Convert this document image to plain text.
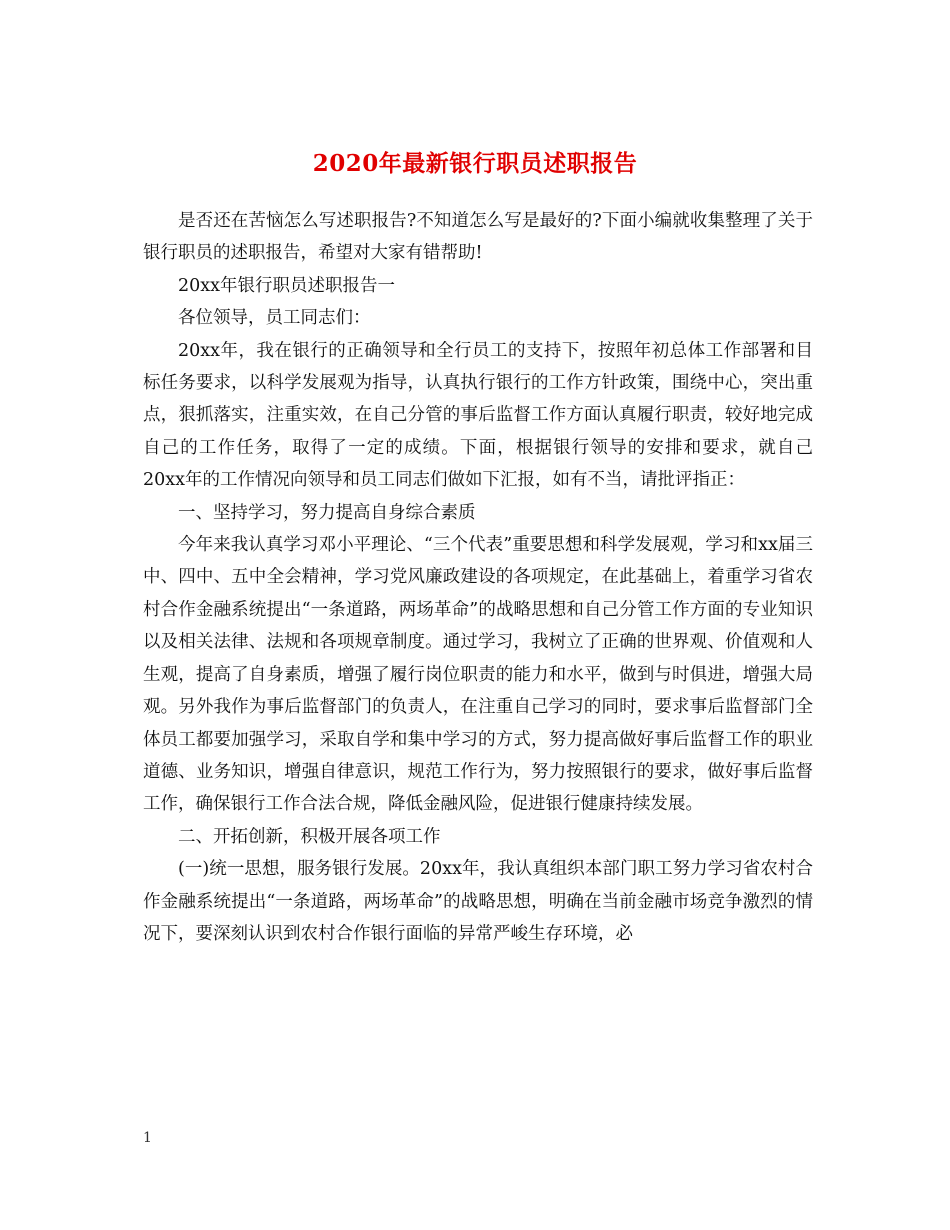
2020年最新银行职员述职报告

是否还在苦恼怎么写述职报告?不知道怎么写是最好的?下面小编就收集整理了关于银行职员的述职报告，希望对大家有错帮助!

20xx年银行职员述职报告一

各位领导，员工同志们：

20xx年，我在银行的正确领导和全行员工的支持下，按照年初总体工作部署和目标任务要求，以科学发展观为指导，认真执行银行的工作方针政策，围绕中心，突出重点，狠抓落实，注重实效，在自己分管的事后监督工作方面认真履行职责，较好地完成自己的工作任务，取得了一定的成绩。下面，根据银行领导的安排和要求，就自己20xx年的工作情况向领导和员工同志们做如下汇报，如有不当，请批评指正：

一、坚持学习，努力提高自身综合素质

今年来我认真学习邓小平理论、“三个代表”重要思想和科学发展观，学习和xx届三中、四中、五中全会精神，学习党风廉政建设的各项规定，在此基础上，着重学习省农村合作金融系统提出“一条道路，两场革命”的战略思想和自己分管工作方面的专业知识以及相关法律、法规和各项规章制度。通过学习，我树立了正确的世界观、价值观和人生观，提高了自身素质，增强了履行岗位职责的能力和水平，做到与时俱进，增强大局观。另外我作为事后监督部门的负责人，在注重自己学习的同时，要求事后监督部门全体员工都要加强学习，采取自学和集中学习的方式，努力提高做好事后监督工作的职业道德、业务知识，增强自律意识，规范工作行为，努力按照银行的要求，做好事后监督工作，确保银行工作合法合规，降低金融风险，促进银行健康持续发展。

二、开拓创新，积极开展各项工作

(一)统一思想，服务银行发展。20xx年，我认真组织本部门职工努力学习省农村合作金融系统提出“一条道路，两场革命”的战略思想，明确在当前金融市场竞争激烈的情况下，要深刻认识到农村合作银行面临的异常严峻生存环境，必

1
